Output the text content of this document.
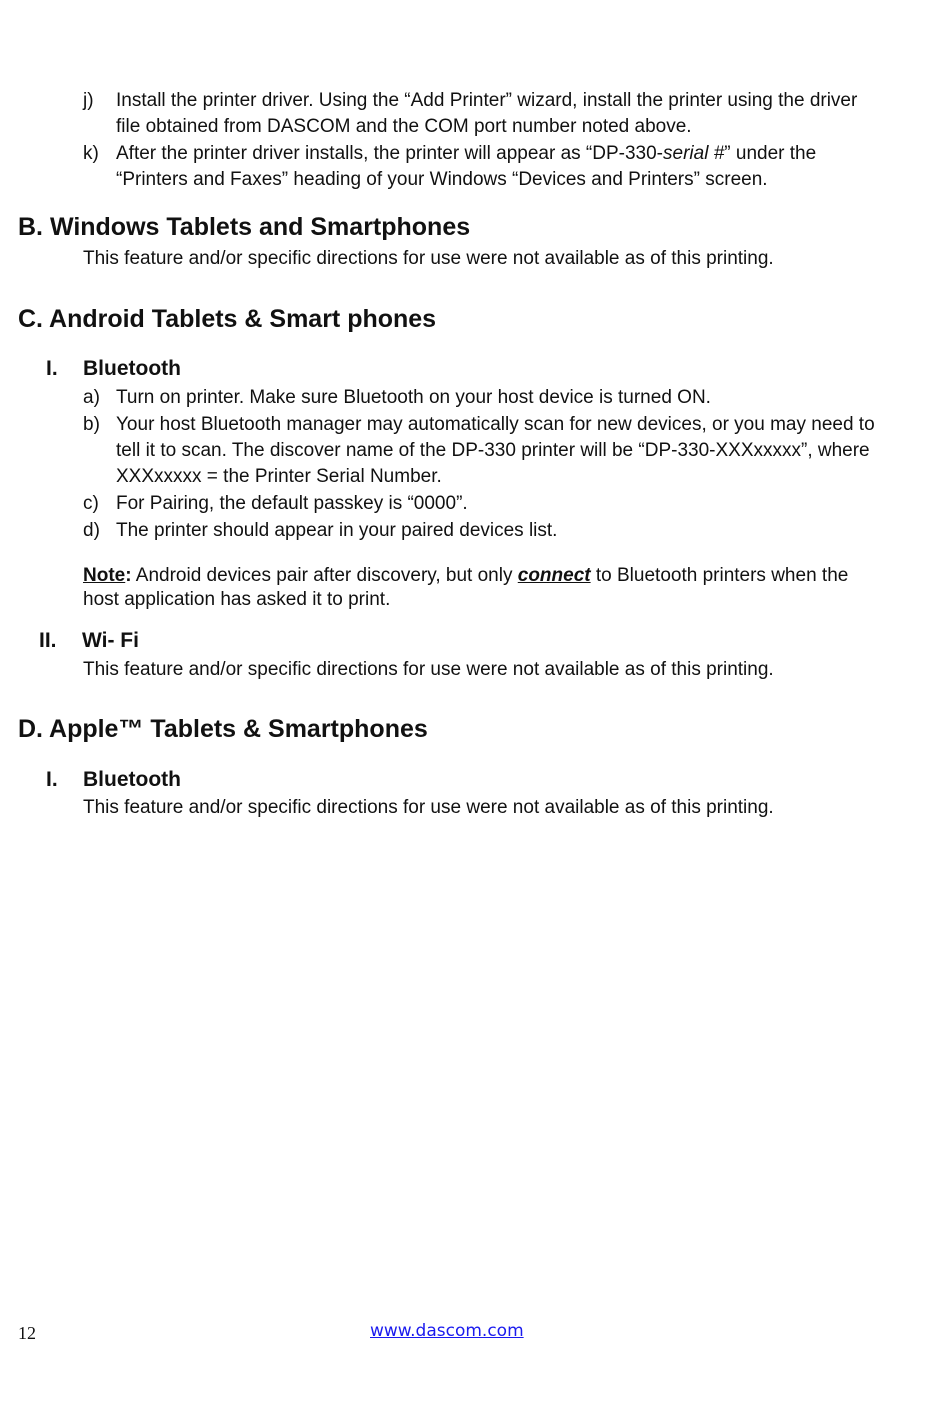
j) Install the printer driver. Using the “Add Printer” wizard, install the printer using the driver
file obtained from DASCOM and the COM port number noted above.
k) After the printer driver installs, the printer will appear as “DP-330-serial #” under the
“Printers and Faxes” heading of your Windows “Devices and Printers” screen.
B. Windows Tablets and Smartphones
This feature and/or specific directions for use were not available as of this printing.
C. Android Tablets & Smart phones
I. Bluetooth
a) Turn on printer. Make sure Bluetooth on your host device is turned ON.
b) Your host Bluetooth manager may automatically scan for new devices, or you may need to
tell it to scan. The discover name of the DP-330 printer will be “DP-330-XXXxxxxx”, where
XXXxxxxx = the Printer Serial Number.
c) For Pairing, the default passkey is “0000”.
d) The printer should appear in your paired devices list.
Note: Android devices pair after discovery, but only connect to Bluetooth printers when the
host application has asked it to print.
II. Wi- Fi
This feature and/or specific directions for use were not available as of this printing.
D. Apple™ Tablets & Smartphones
I. Bluetooth
This feature and/or specific directions for use were not available as of this printing.
12	www.dascom.com
